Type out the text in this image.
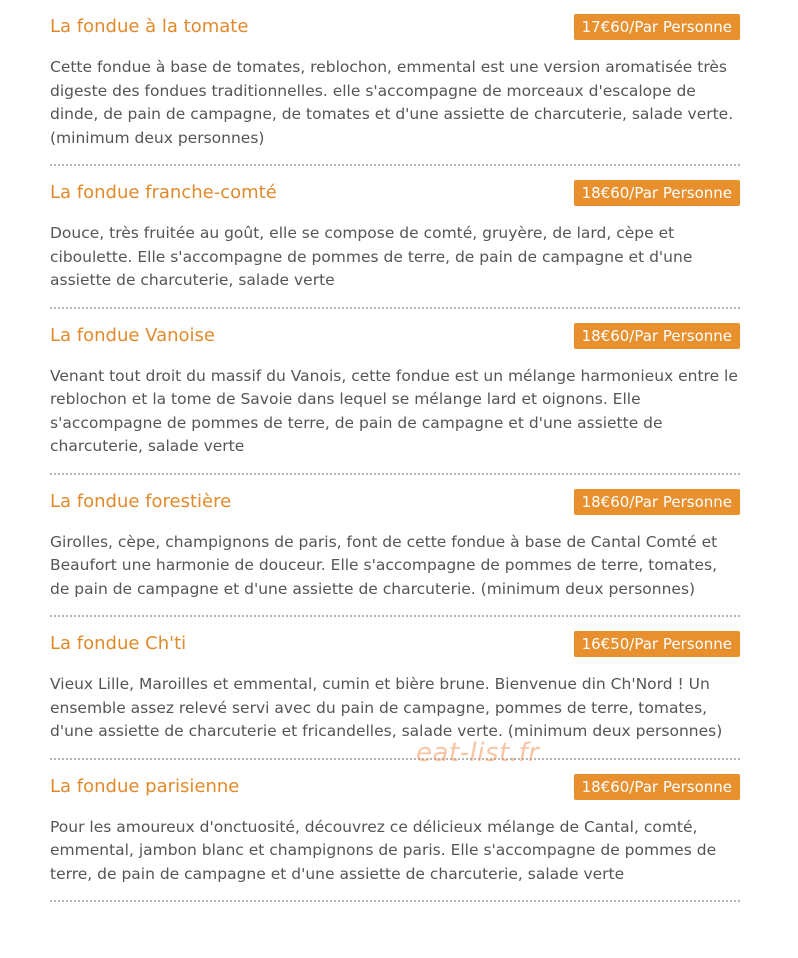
La fondue à la tomate	17€60/Par Personne

Cette fondue à base de tomates, reblochon, emmental est une version aromatisée très digeste des fondues traditionnelles. elle s'accompagne de morceaux d'escalope de dinde, de pain de campagne, de tomates et d'une assiette de charcuterie, salade verte. (minimum deux personnes)

La fondue franche-comté	18€60/Par Personne

Douce, très fruitée au goût, elle se compose de comté, gruyère, de lard, cèpe et ciboulette. Elle s'accompagne de pommes de terre, de pain de campagne et d'une assiette de charcuterie, salade verte

La fondue Vanoise	18€60/Par Personne

Venant tout droit du massif du Vanois, cette fondue est un mélange harmonieux entre le reblochon et la tome de Savoie dans lequel se mélange lard et oignons. Elle s'accompagne de pommes de terre, de pain de campagne et d'une assiette de charcuterie, salade verte

La fondue forestière	18€60/Par Personne

Girolles, cèpe, champignons de paris, font de cette fondue à base de Cantal Comté et Beaufort une harmonie de douceur. Elle s'accompagne de pommes de terre, tomates, de pain de campagne et d'une assiette de charcuterie. (minimum deux personnes)

La fondue Ch'ti	16€50/Par Personne

Vieux Lille, Maroilles et emmental, cumin et bière brune. Bienvenue din Ch'Nord ! Un ensemble assez relevé servi avec du pain de campagne, pommes de terre, tomates, d'une assiette de charcuterie et fricandelles, salade verte. (minimum deux personnes)

La fondue parisienne	18€60/Par Personne

Pour les amoureux d'onctuosité, découvrez ce délicieux mélange de Cantal, comté, emmental, jambon blanc et champignons de paris. Elle s'accompagne de pommes de terre, de pain de campagne et d'une assiette de charcuterie, salade verte

eat-list.fr
